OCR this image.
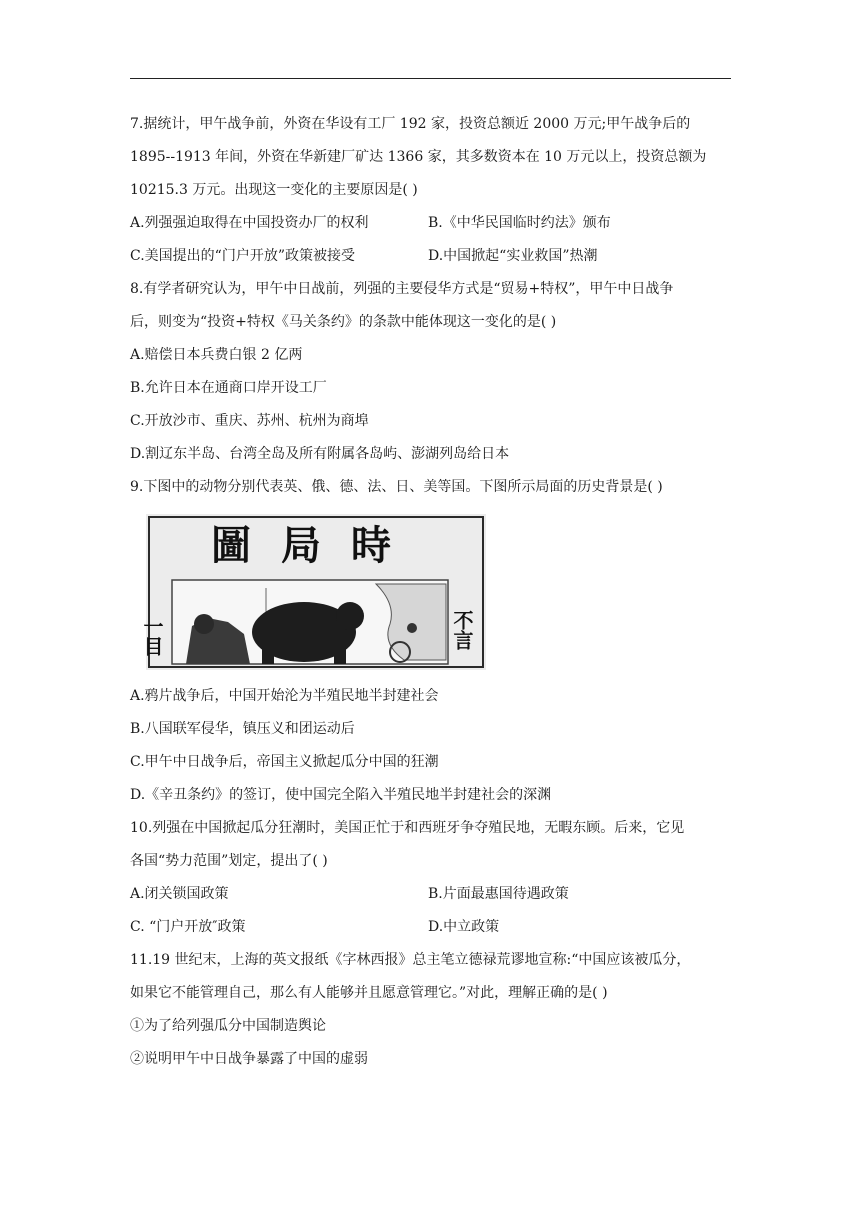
7.据统计，甲午战争前，外资在华设有工厂 192 家，投资总额近 2000 万元;甲午战争后的
1895--1913 年间，外资在华新建厂矿达 1366 家，其多数资本在 10 万元以上，投资总额为
10215.3 万元。出现这一变化的主要原因是( )
A.列强强迫取得在中国投资办厂的权利	B.《中华民国临时约法》颁布
C.美国提出的“门户开放”政策被接受	D.中国掀起“实业救国”热潮
8.有学者研究认为，甲午中日战前，列强的主要侵华方式是“贸易+特权”，甲午中日战争
后，则变为“投资+特权《马关条约》的条款中能体现这一变化的是( )
A.赔偿日本兵费白银 2 亿两
B.允许日本在通商口岸开设工厂
C.开放沙市、重庆、苏州、杭州为商埠
D.割辽东半岛、台湾全岛及所有附属各岛屿、澎湖列岛给日本
9.下图中的动物分别代表英、俄、德、法、日、美等国。下图所示局面的历史背景是( )
圖局時
一目	不言
A.鸦片战争后，中国开始沦为半殖民地半封建社会
B.八国联军侵华，镇压义和团运动后
C.甲午中日战争后，帝国主义掀起瓜分中国的狂潮
D.《辛丑条约》的签订，使中国完全陷入半殖民地半封建社会的深渊
10.列强在中国掀起瓜分狂潮时，美国正忙于和西班牙争夺殖民地，无暇东顾。后来，它见
各国“势力范围”划定，提出了( )
A.闭关锁国政策	B.片面最惠国待遇政策
C. “门户开放″政策	D.中立政策
11.19 世纪末，上海的英文报纸《字林西报》总主笔立德禄荒谬地宣称:“中国应该被瓜分，
如果它不能管理自己，那么有人能够并且愿意管理它。”对此，理解正确的是( )
①为了给列强瓜分中国制造舆论
②说明甲午中日战争暴露了中国的虚弱
